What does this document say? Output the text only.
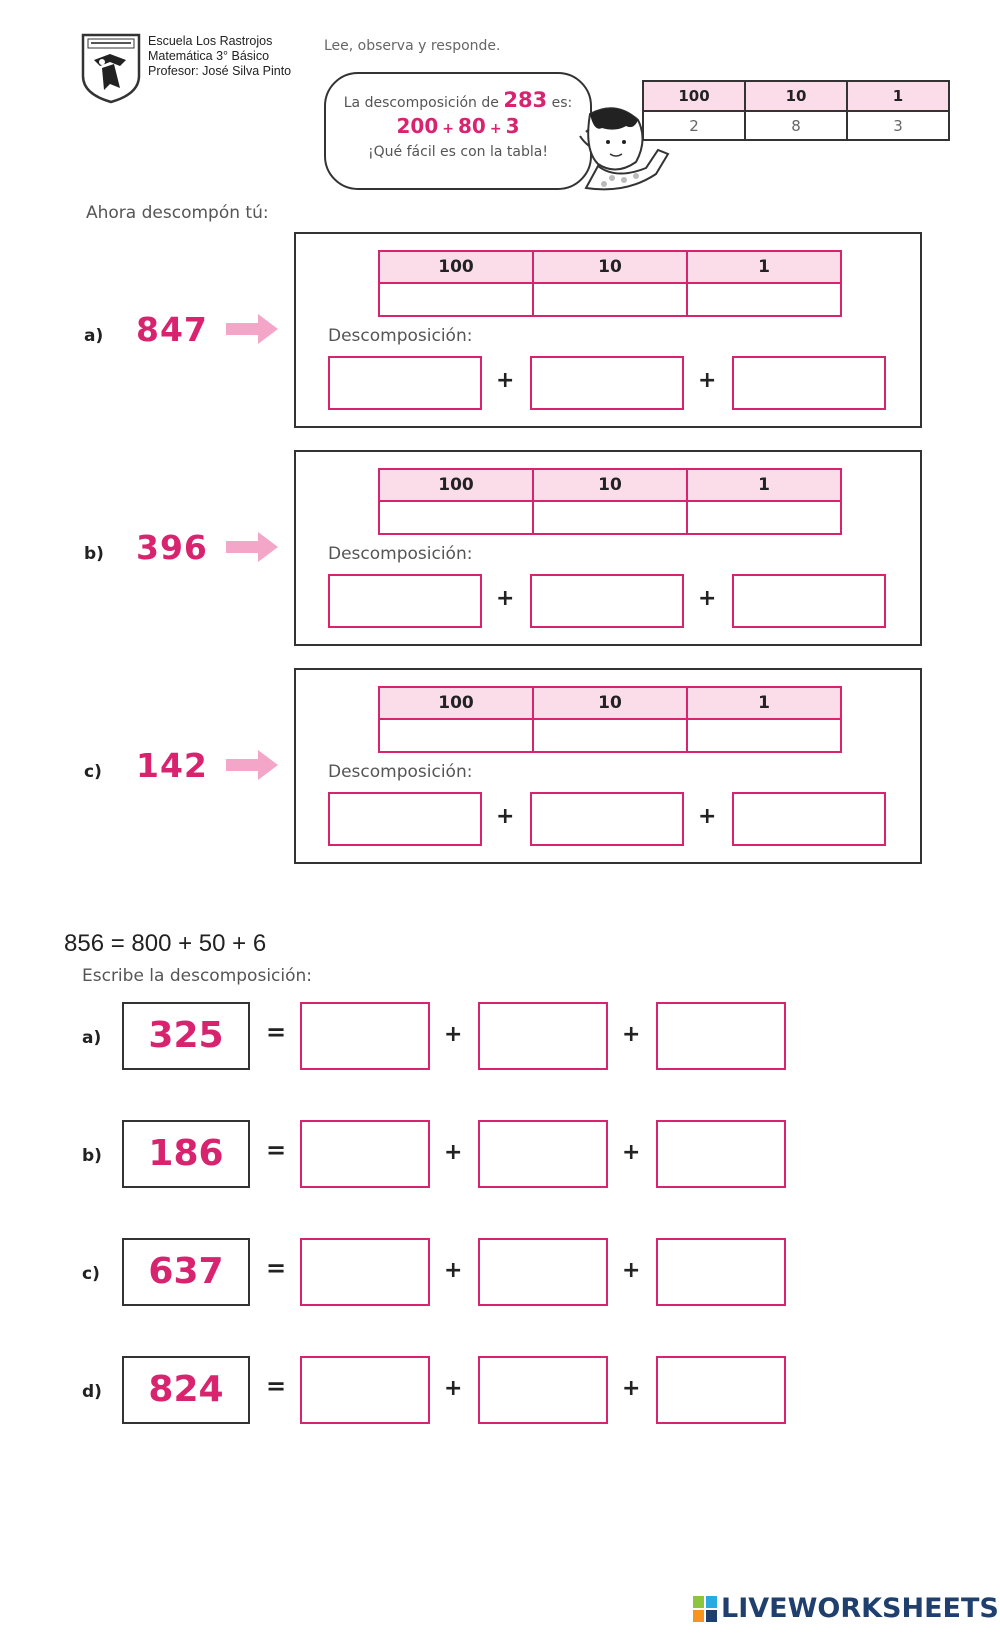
Escuela Los Rastrojos
Matemática 3° Básico
Profesor: José Silva Pinto
Lee, observa y responde.
La descomposición de 283 es:
200 + 80 + 3
¡Qué fácil es con la tabla!
100	10	1
2	8	3
Ahora descompón tú:
a) 847
100	10	1

Descomposición:
+	+
b) 396
100	10	1

Descomposición:
+	+
c) 142
100	10	1

Descomposición:
+	+
856 = 800 + 50 + 6
Escribe la descomposición:
a)	325	=	+	+
b)	186	=	+	+
c)	637	=	+	+
d)	824	=	+	+
LIVEWORKSHEETS
